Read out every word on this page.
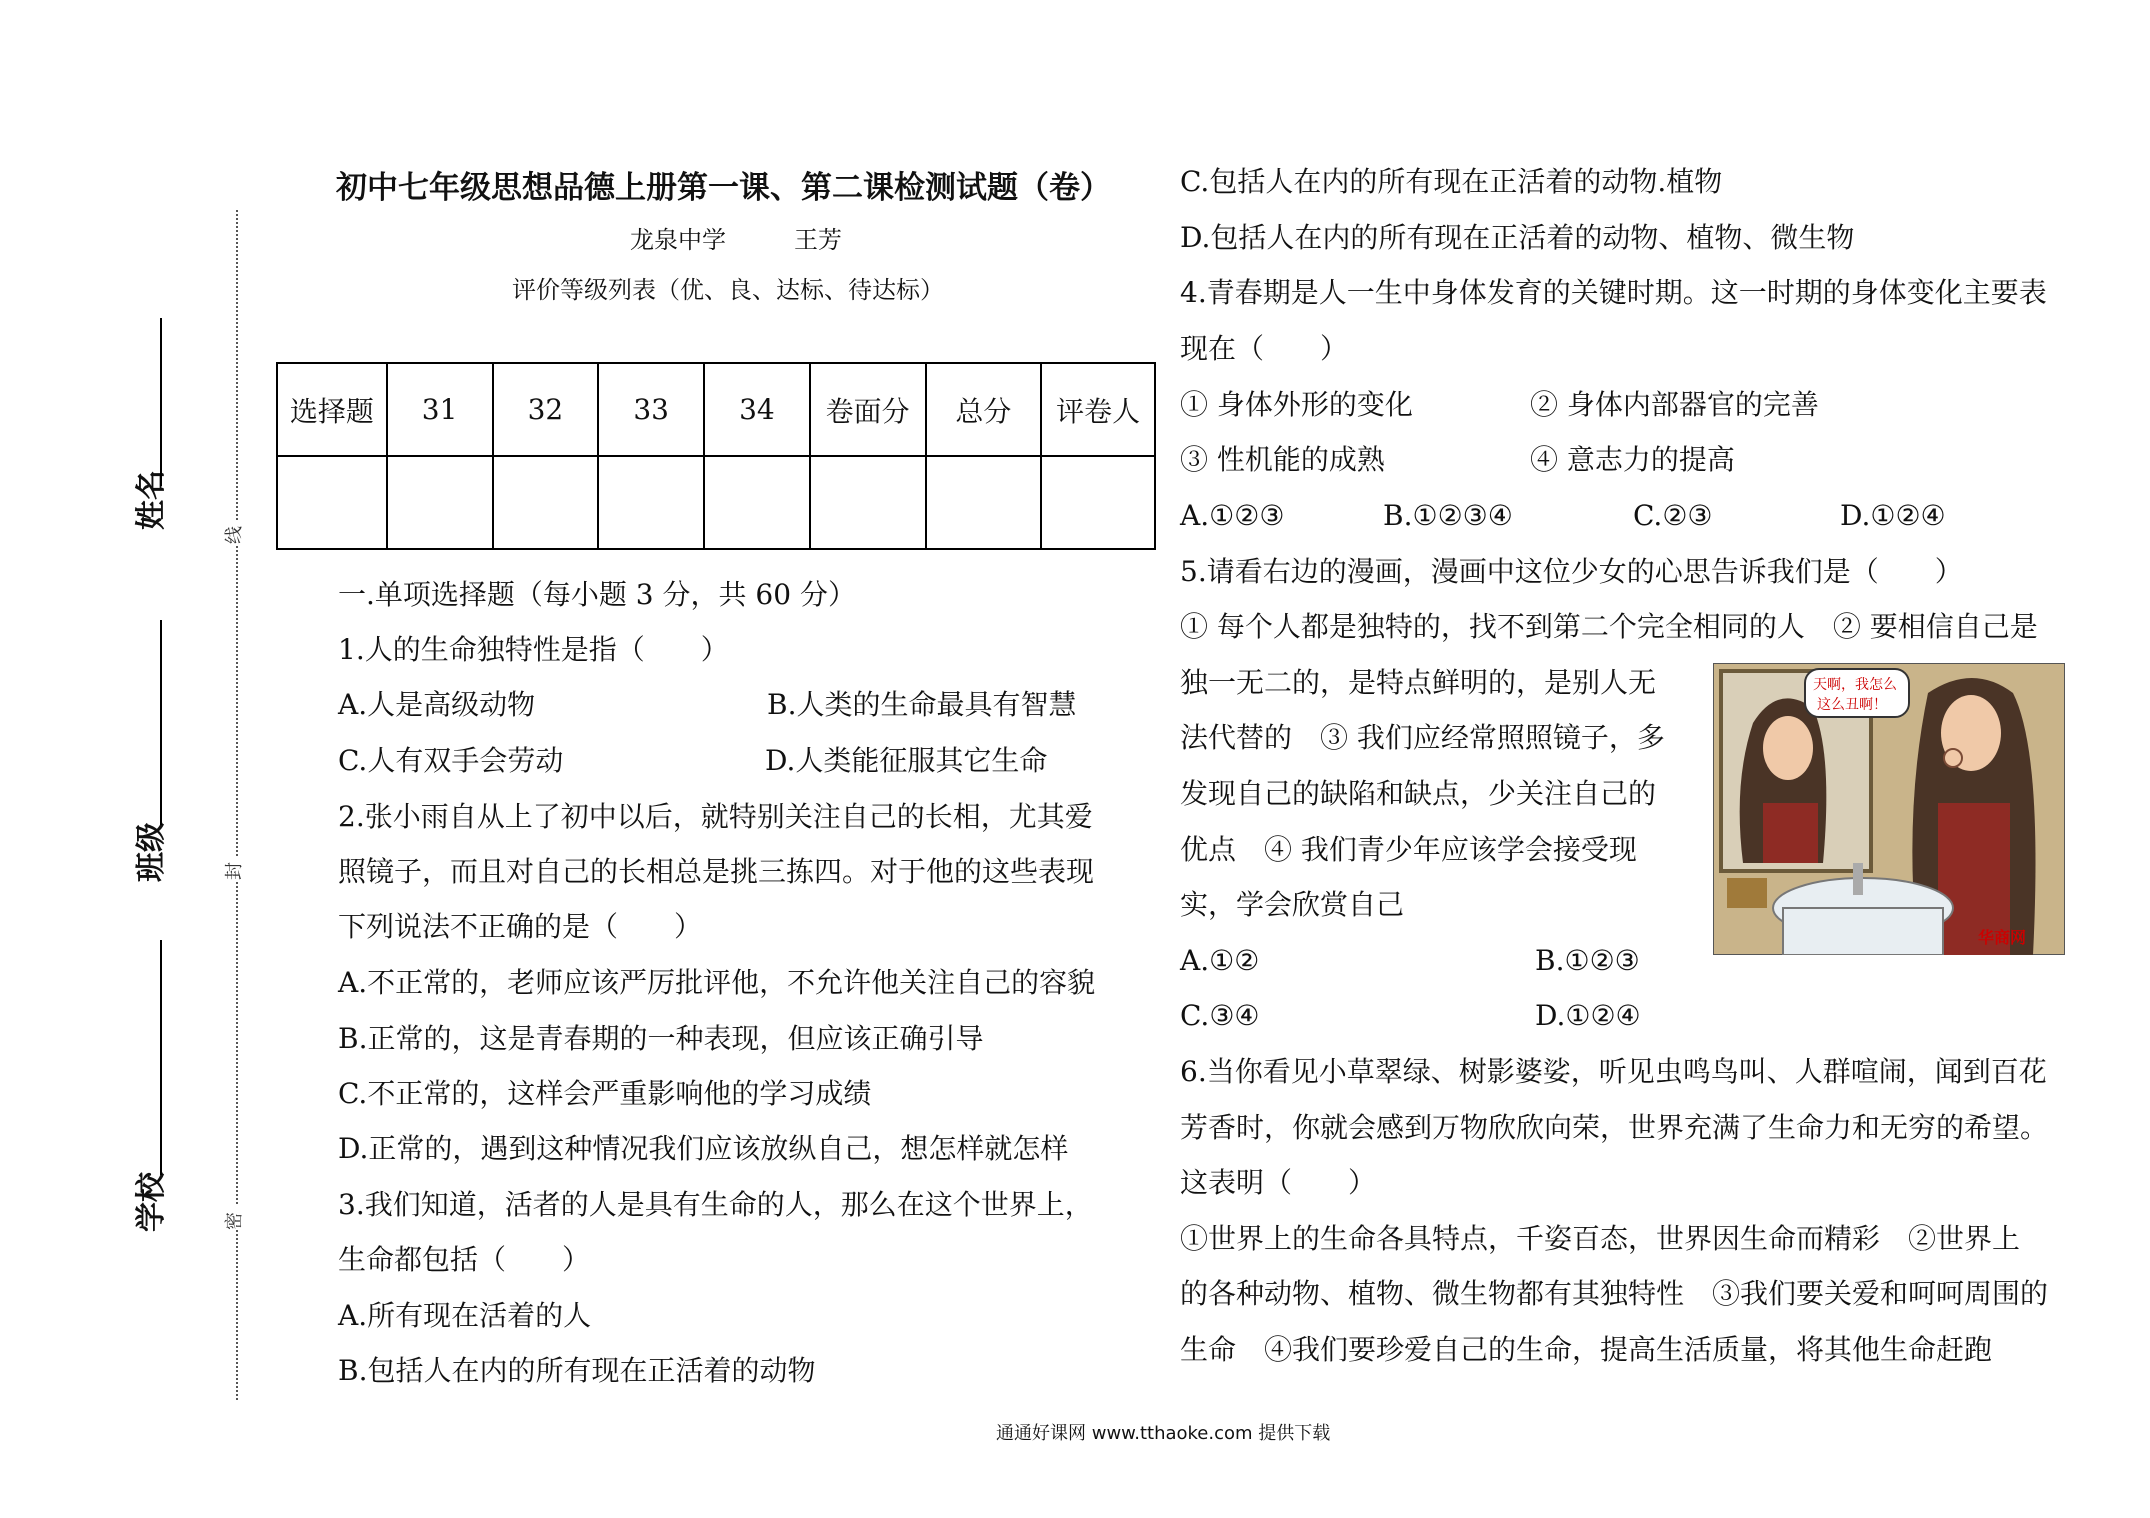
姓名
班级
学校
线
封
密
初中七年级思想品德上册第一课、第二课检测试题（卷）
龙泉中学	王芳
评价等级列表（优、良、达标、待达标）
选择题	31	32	33	34	卷面分	总分	评卷人

一.单项选择题（每小题 3 分，共 60 分）
1.人的生命独特性是指（　　）
A.人是高级动物	B.人类的生命最具有智慧
C.人有双手会劳动	D.人类能征服其它生命
2.张小雨自从上了初中以后，就特别关注自己的长相，尤其爱
照镜子，而且对自己的长相总是挑三拣四。对于他的这些表现
下列说法不正确的是（　　）
A.不正常的，老师应该严厉批评他，不允许他关注自己的容貌
B.正常的，这是青春期的一种表现，但应该正确引导
C.不正常的，这样会严重影响他的学习成绩
D.正常的，遇到这种情况我们应该放纵自己，想怎样就怎样
3.我们知道，活者的人是具有生命的人，那么在这个世界上，
生命都包括（　　）
A.所有现在活着的人
B.包括人在内的所有现在正活着的动物
C.包括人在内的所有现在正活着的动物.植物
D.包括人在内的所有现在正活着的动物、植物、微生物
4.青春期是人一生中身体发育的关键时期。这一时期的身体变化主要表
现在（　　）
① 身体外形的变化	② 身体内部器官的完善
③ 性机能的成熟	④ 意志力的提高
A.①②③	B.①②③④	C.②③	D.①②④
5.请看右边的漫画，漫画中这位少女的心思告诉我们是（　　）
① 每个人都是独特的，找不到第二个完全相同的人　② 要相信自己是
独一无二的，是特点鲜明的，是别人无
法代替的　③ 我们应经常照照镜子，多
发现自己的缺陷和缺点，少关注自己的
优点　④ 我们青少年应该学会接受现
实，学会欣赏自己
A.①②	B.①②③
C.③④	D.①②④
6.当你看见小草翠绿、树影婆娑，听见虫鸣鸟叫、人群喧闹，闻到百花
芳香时，你就会感到万物欣欣向荣，世界充满了生命力和无穷的希望。
这表明（　　）
①世界上的生命各具特点，千姿百态，世界因生命而精彩　②世界上
的各种动物、植物、微生物都有其独特性　③我们要关爱和呵呵周围的
生命　④我们要珍爱自己的生命，提高生活质量，将其他生命赶跑
天啊，我怎么
这么丑啊！
华商网
通通好课网 www.tthaoke.com 提供下载
